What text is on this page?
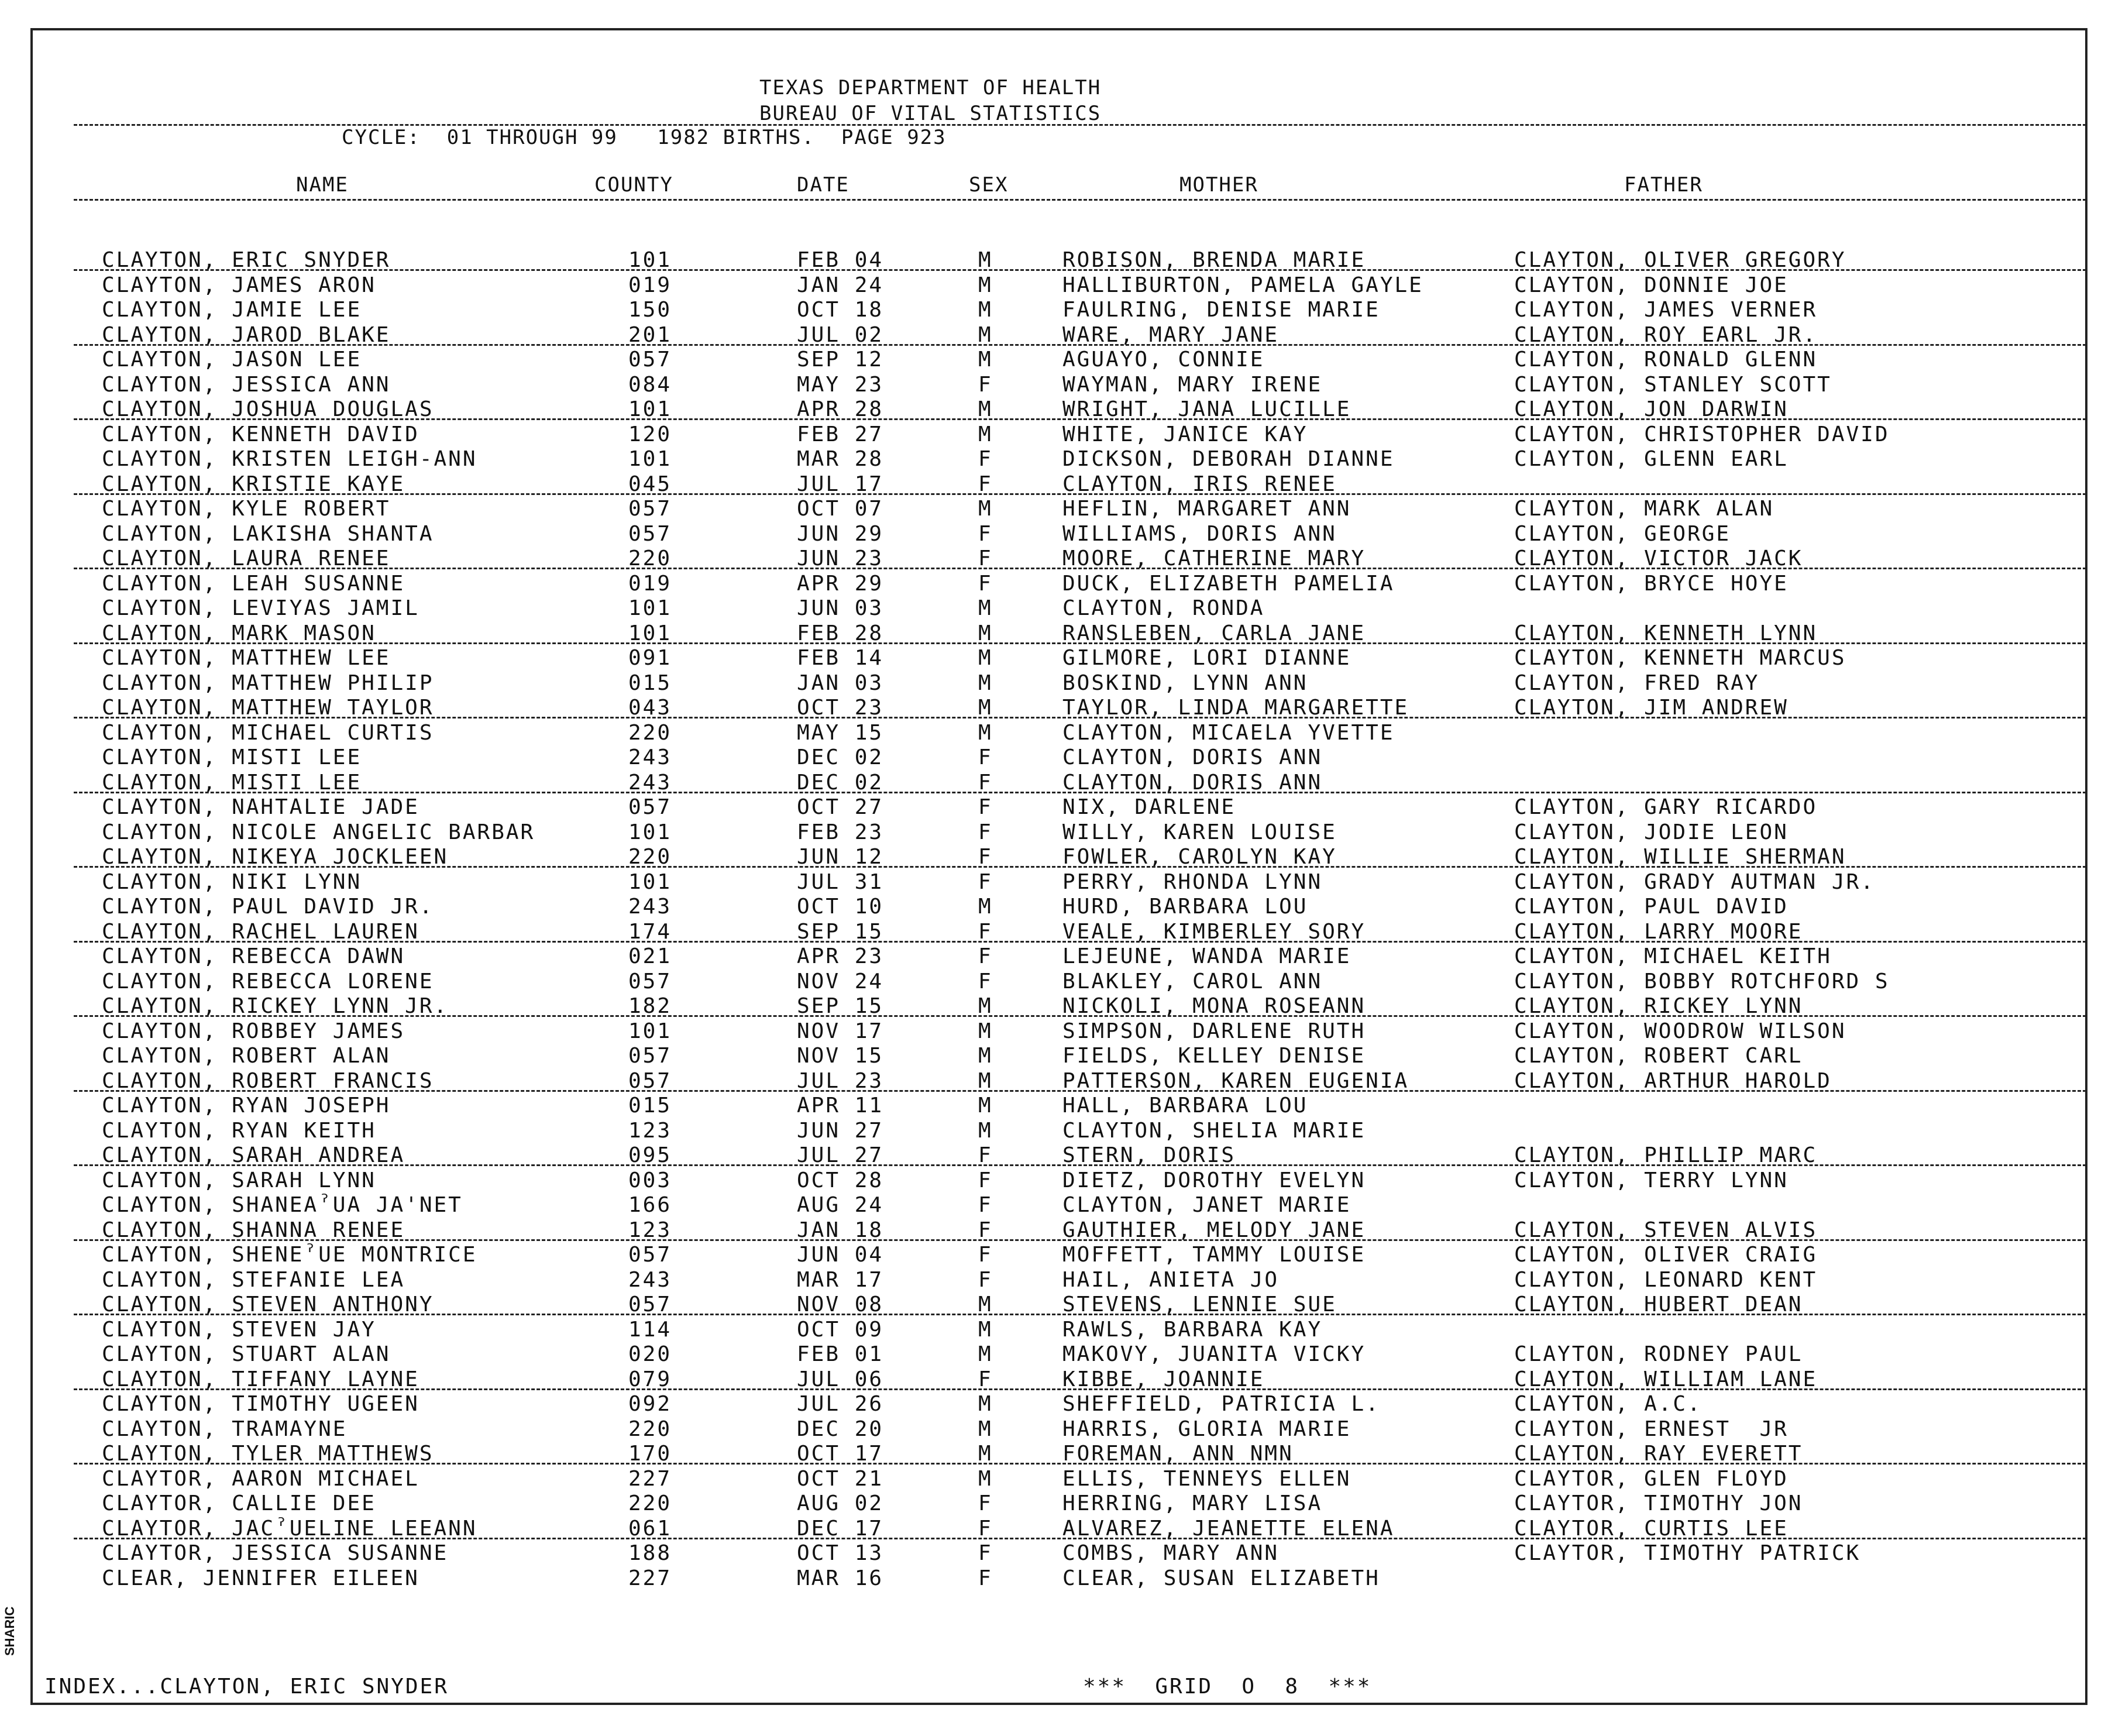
TEXAS DEPARTMENT OF HEALTH
BUREAU OF VITAL STATISTICS
CYCLE:  01 THROUGH 99   1982 BIRTHS.  PAGE 923
NAME	COUNTY	DATE	SEX	MOTHER	FATHER
CLAYTON, ERIC SNYDER	101	FEB 04	M	ROBISON, BRENDA MARIE	CLAYTON, OLIVER GREGORY
CLAYTON, JAMES ARON	019	JAN 24	M	HALLIBURTON, PAMELA GAYLE	CLAYTON, DONNIE JOE
CLAYTON, JAMIE LEE	150	OCT 18	M	FAULRING, DENISE MARIE	CLAYTON, JAMES VERNER
CLAYTON, JAROD BLAKE	201	JUL 02	M	WARE, MARY JANE	CLAYTON, ROY EARL JR.
CLAYTON, JASON LEE	057	SEP 12	M	AGUAYO, CONNIE	CLAYTON, RONALD GLENN
CLAYTON, JESSICA ANN	084	MAY 23	F	WAYMAN, MARY IRENE	CLAYTON, STANLEY SCOTT
CLAYTON, JOSHUA DOUGLAS	101	APR 28	M	WRIGHT, JANA LUCILLE	CLAYTON, JON DARWIN
CLAYTON, KENNETH DAVID	120	FEB 27	M	WHITE, JANICE KAY	CLAYTON, CHRISTOPHER DAVID
CLAYTON, KRISTEN LEIGH-ANN	101	MAR 28	F	DICKSON, DEBORAH DIANNE	CLAYTON, GLENN EARL
CLAYTON, KRISTIE KAYE	045	JUL 17	F	CLAYTON, IRIS RENEE
CLAYTON, KYLE ROBERT	057	OCT 07	M	HEFLIN, MARGARET ANN	CLAYTON, MARK ALAN
CLAYTON, LAKISHA SHANTA	057	JUN 29	F	WILLIAMS, DORIS ANN	CLAYTON, GEORGE
CLAYTON, LAURA RENEE	220	JUN 23	F	MOORE, CATHERINE MARY	CLAYTON, VICTOR JACK
CLAYTON, LEAH SUSANNE	019	APR 29	F	DUCK, ELIZABETH PAMELIA	CLAYTON, BRYCE HOYE
CLAYTON, LEVIYAS JAMIL	101	JUN 03	M	CLAYTON, RONDA
CLAYTON, MARK MASON	101	FEB 28	M	RANSLEBEN, CARLA JANE	CLAYTON, KENNETH LYNN
CLAYTON, MATTHEW LEE	091	FEB 14	M	GILMORE, LORI DIANNE	CLAYTON, KENNETH MARCUS
CLAYTON, MATTHEW PHILIP	015	JAN 03	M	BOSKIND, LYNN ANN	CLAYTON, FRED RAY
CLAYTON, MATTHEW TAYLOR	043	OCT 23	M	TAYLOR, LINDA MARGARETTE	CLAYTON, JIM ANDREW
CLAYTON, MICHAEL CURTIS	220	MAY 15	M	CLAYTON, MICAELA YVETTE
CLAYTON, MISTI LEE	243	DEC 02	F	CLAYTON, DORIS ANN
CLAYTON, MISTI LEE	243	DEC 02	F	CLAYTON, DORIS ANN
CLAYTON, NAHTALIE JADE	057	OCT 27	F	NIX, DARLENE	CLAYTON, GARY RICARDO
CLAYTON, NICOLE ANGELIC BARBAR	101	FEB 23	F	WILLY, KAREN LOUISE	CLAYTON, JODIE LEON
CLAYTON, NIKEYA JOCKLEEN	220	JUN 12	F	FOWLER, CAROLYN KAY	CLAYTON, WILLIE SHERMAN
CLAYTON, NIKI LYNN	101	JUL 31	F	PERRY, RHONDA LYNN	CLAYTON, GRADY AUTMAN JR.
CLAYTON, PAUL DAVID JR.	243	OCT 10	M	HURD, BARBARA LOU	CLAYTON, PAUL DAVID
CLAYTON, RACHEL LAUREN	174	SEP 15	F	VEALE, KIMBERLEY SORY	CLAYTON, LARRY MOORE
CLAYTON, REBECCA DAWN	021	APR 23	F	LEJEUNE, WANDA MARIE	CLAYTON, MICHAEL KEITH
CLAYTON, REBECCA LORENE	057	NOV 24	F	BLAKLEY, CAROL ANN	CLAYTON, BOBBY ROTCHFORD S
CLAYTON, RICKEY LYNN JR.	182	SEP 15	M	NICKOLI, MONA ROSEANN	CLAYTON, RICKEY LYNN
CLAYTON, ROBBEY JAMES	101	NOV 17	M	SIMPSON, DARLENE RUTH	CLAYTON, WOODROW WILSON
CLAYTON, ROBERT ALAN	057	NOV 15	M	FIELDS, KELLEY DENISE	CLAYTON, ROBERT CARL
CLAYTON, ROBERT FRANCIS	057	JUL 23	M	PATTERSON, KAREN EUGENIA	CLAYTON, ARTHUR HAROLD
CLAYTON, RYAN JOSEPH	015	APR 11	M	HALL, BARBARA LOU
CLAYTON, RYAN KEITH	123	JUN 27	M	CLAYTON, SHELIA MARIE
CLAYTON, SARAH ANDREA	095	JUL 27	F	STERN, DORIS	CLAYTON, PHILLIP MARC
CLAYTON, SARAH LYNN	003	OCT 28	F	DIETZ, DOROTHY EVELYN	CLAYTON, TERRY LYNN
CLAYTON, SHANEAˀUA JA'NET	166	AUG 24	F	CLAYTON, JANET MARIE
CLAYTON, SHANNA RENEE	123	JAN 18	F	GAUTHIER, MELODY JANE	CLAYTON, STEVEN ALVIS
CLAYTON, SHENEˀUE MONTRICE	057	JUN 04	F	MOFFETT, TAMMY LOUISE	CLAYTON, OLIVER CRAIG
CLAYTON, STEFANIE LEA	243	MAR 17	F	HAIL, ANIETA JO	CLAYTON, LEONARD KENT
CLAYTON, STEVEN ANTHONY	057	NOV 08	M	STEVENS, LENNIE SUE	CLAYTON, HUBERT DEAN
CLAYTON, STEVEN JAY	114	OCT 09	M	RAWLS, BARBARA KAY
CLAYTON, STUART ALAN	020	FEB 01	M	MAKOVY, JUANITA VICKY	CLAYTON, RODNEY PAUL
CLAYTON, TIFFANY LAYNE	079	JUL 06	F	KIBBE, JOANNIE	CLAYTON, WILLIAM LANE
CLAYTON, TIMOTHY UGEEN	092	JUL 26	M	SHEFFIELD, PATRICIA L.	CLAYTON, A.C.
CLAYTON, TRAMAYNE	220	DEC 20	M	HARRIS, GLORIA MARIE	CLAYTON, ERNEST  JR
CLAYTON, TYLER MATTHEWS	170	OCT 17	M	FOREMAN, ANN NMN	CLAYTON, RAY EVERETT
CLAYTOR, AARON MICHAEL	227	OCT 21	M	ELLIS, TENNEYS ELLEN	CLAYTOR, GLEN FLOYD
CLAYTOR, CALLIE DEE	220	AUG 02	F	HERRING, MARY LISA	CLAYTOR, TIMOTHY JON
CLAYTOR, JACˀUELINE LEEANN	061	DEC 17	F	ALVAREZ, JEANETTE ELENA	CLAYTOR, CURTIS LEE
CLAYTOR, JESSICA SUSANNE	188	OCT 13	F	COMBS, MARY ANN	CLAYTOR, TIMOTHY PATRICK
CLEAR, JENNIFER EILEEN	227	MAR 16	F	CLEAR, SUSAN ELIZABETH
INDEX...CLAYTON, ERIC SNYDER	***  GRID  O  8  ***
SHARIC
